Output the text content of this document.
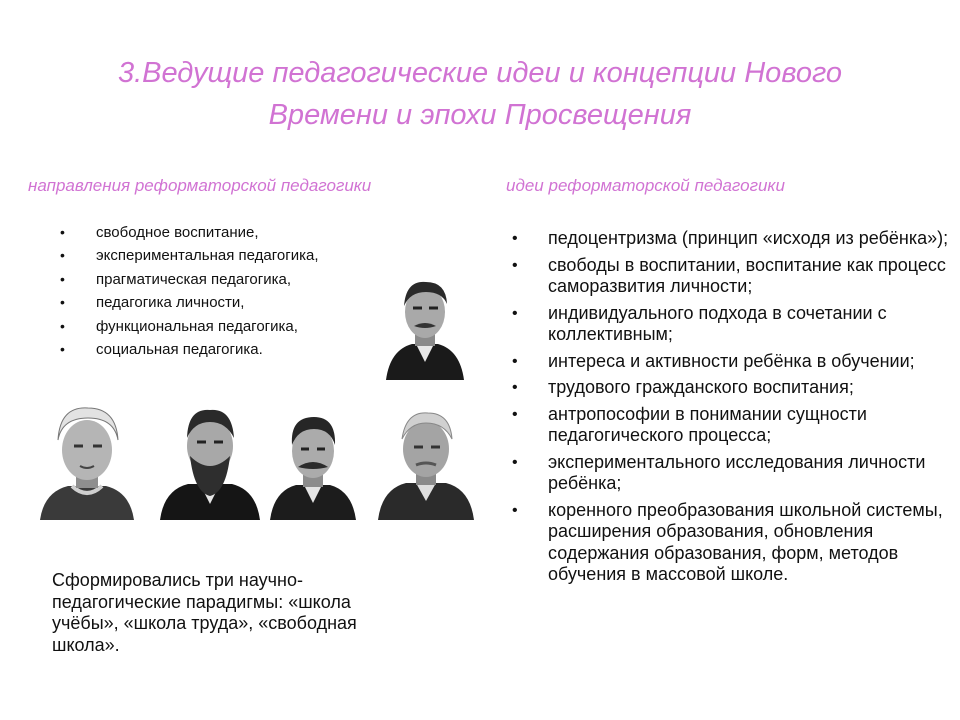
3.Ведущие педагогические идеи и концепции Нового
Времени и эпохи Просвещения
направления реформаторской педагогики	идеи реформаторской педагогики
• свободное воспитание,
• экспериментальная педагогика,
• прагматическая педагогика,
• педагогика личности,
• функциональная педагогика,
• социальная педагогика.
• педоцентризма (принцип «исходя из ребёнка»);
• свободы в воспитании, воспитание как процесс саморазвития личности;
• индивидуального подхода в сочетании с коллективным;
• интереса и активности ребёнка в обучении;
• трудового гражданского воспитания;
• антропософии в понимании сущности педагогического процесса;
• экспериментального исследования личности ребёнка;
• коренного преобразования школьной системы, расширения образования, обновления содержания образования, форм, методов обучения в массовой школе.
Сформировались три научно-педагогические парадигмы: «школа учёбы», «школа труда», «свободная школа».
